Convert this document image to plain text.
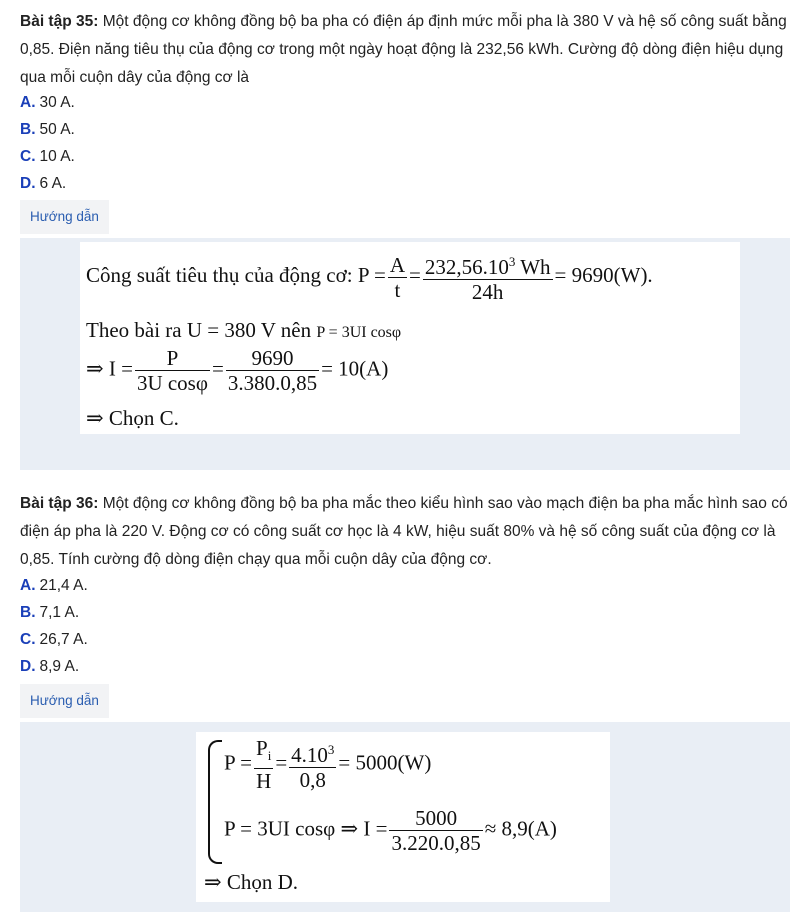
Bài tập 35: Một động cơ không đồng bộ ba pha có điện áp định mức mỗi pha là 380 V và hệ số công suất bằng 0,85. Điện năng tiêu thụ của động cơ trong một ngày hoạt động là 232,56 kWh. Cường độ dòng điện hiệu dụng qua mỗi cuộn dây của động cơ là
A. 30 A.
B. 50 A.
C. 10 A.
D. 6 A.
Hướng dẫn
Công suất tiêu thụ của động cơ: $P = \frac{A}{t} = \frac{232,56.10^3 Wh}{24h} = 9690(W)$.
Theo bài ra U = 380 V nên P = 3UI cosφ
⇒ $I = \frac{P}{\text{3U cosφ}} = \frac{9690}{3.380.0,85} = 10(A)$
⇒ Chọn C.
Bài tập 36: Một động cơ không đồng bộ ba pha mắc theo kiểu hình sao vào mạch điện ba pha mắc hình sao có điện áp pha là 220 V. Động cơ có công suất cơ học là 4 kW, hiệu suất 80% và hệ số công suất của động cơ là 0,85. Tính cường độ dòng điện chạy qua mỗi cuộn dây của động cơ.
A. 21,4 A.
B. 7,1 A.
C. 26,7 A.
D. 8,9 A.
Hướng dẫn
$P = \frac{P_i}{H} = \frac{4.10^3}{0,8} = 5000(W)$
P = 3UI cosφ ⇒ $I = \frac{5000}{3.220.0,85} \approx 8,9(A)$
⇒ Chọn D.
